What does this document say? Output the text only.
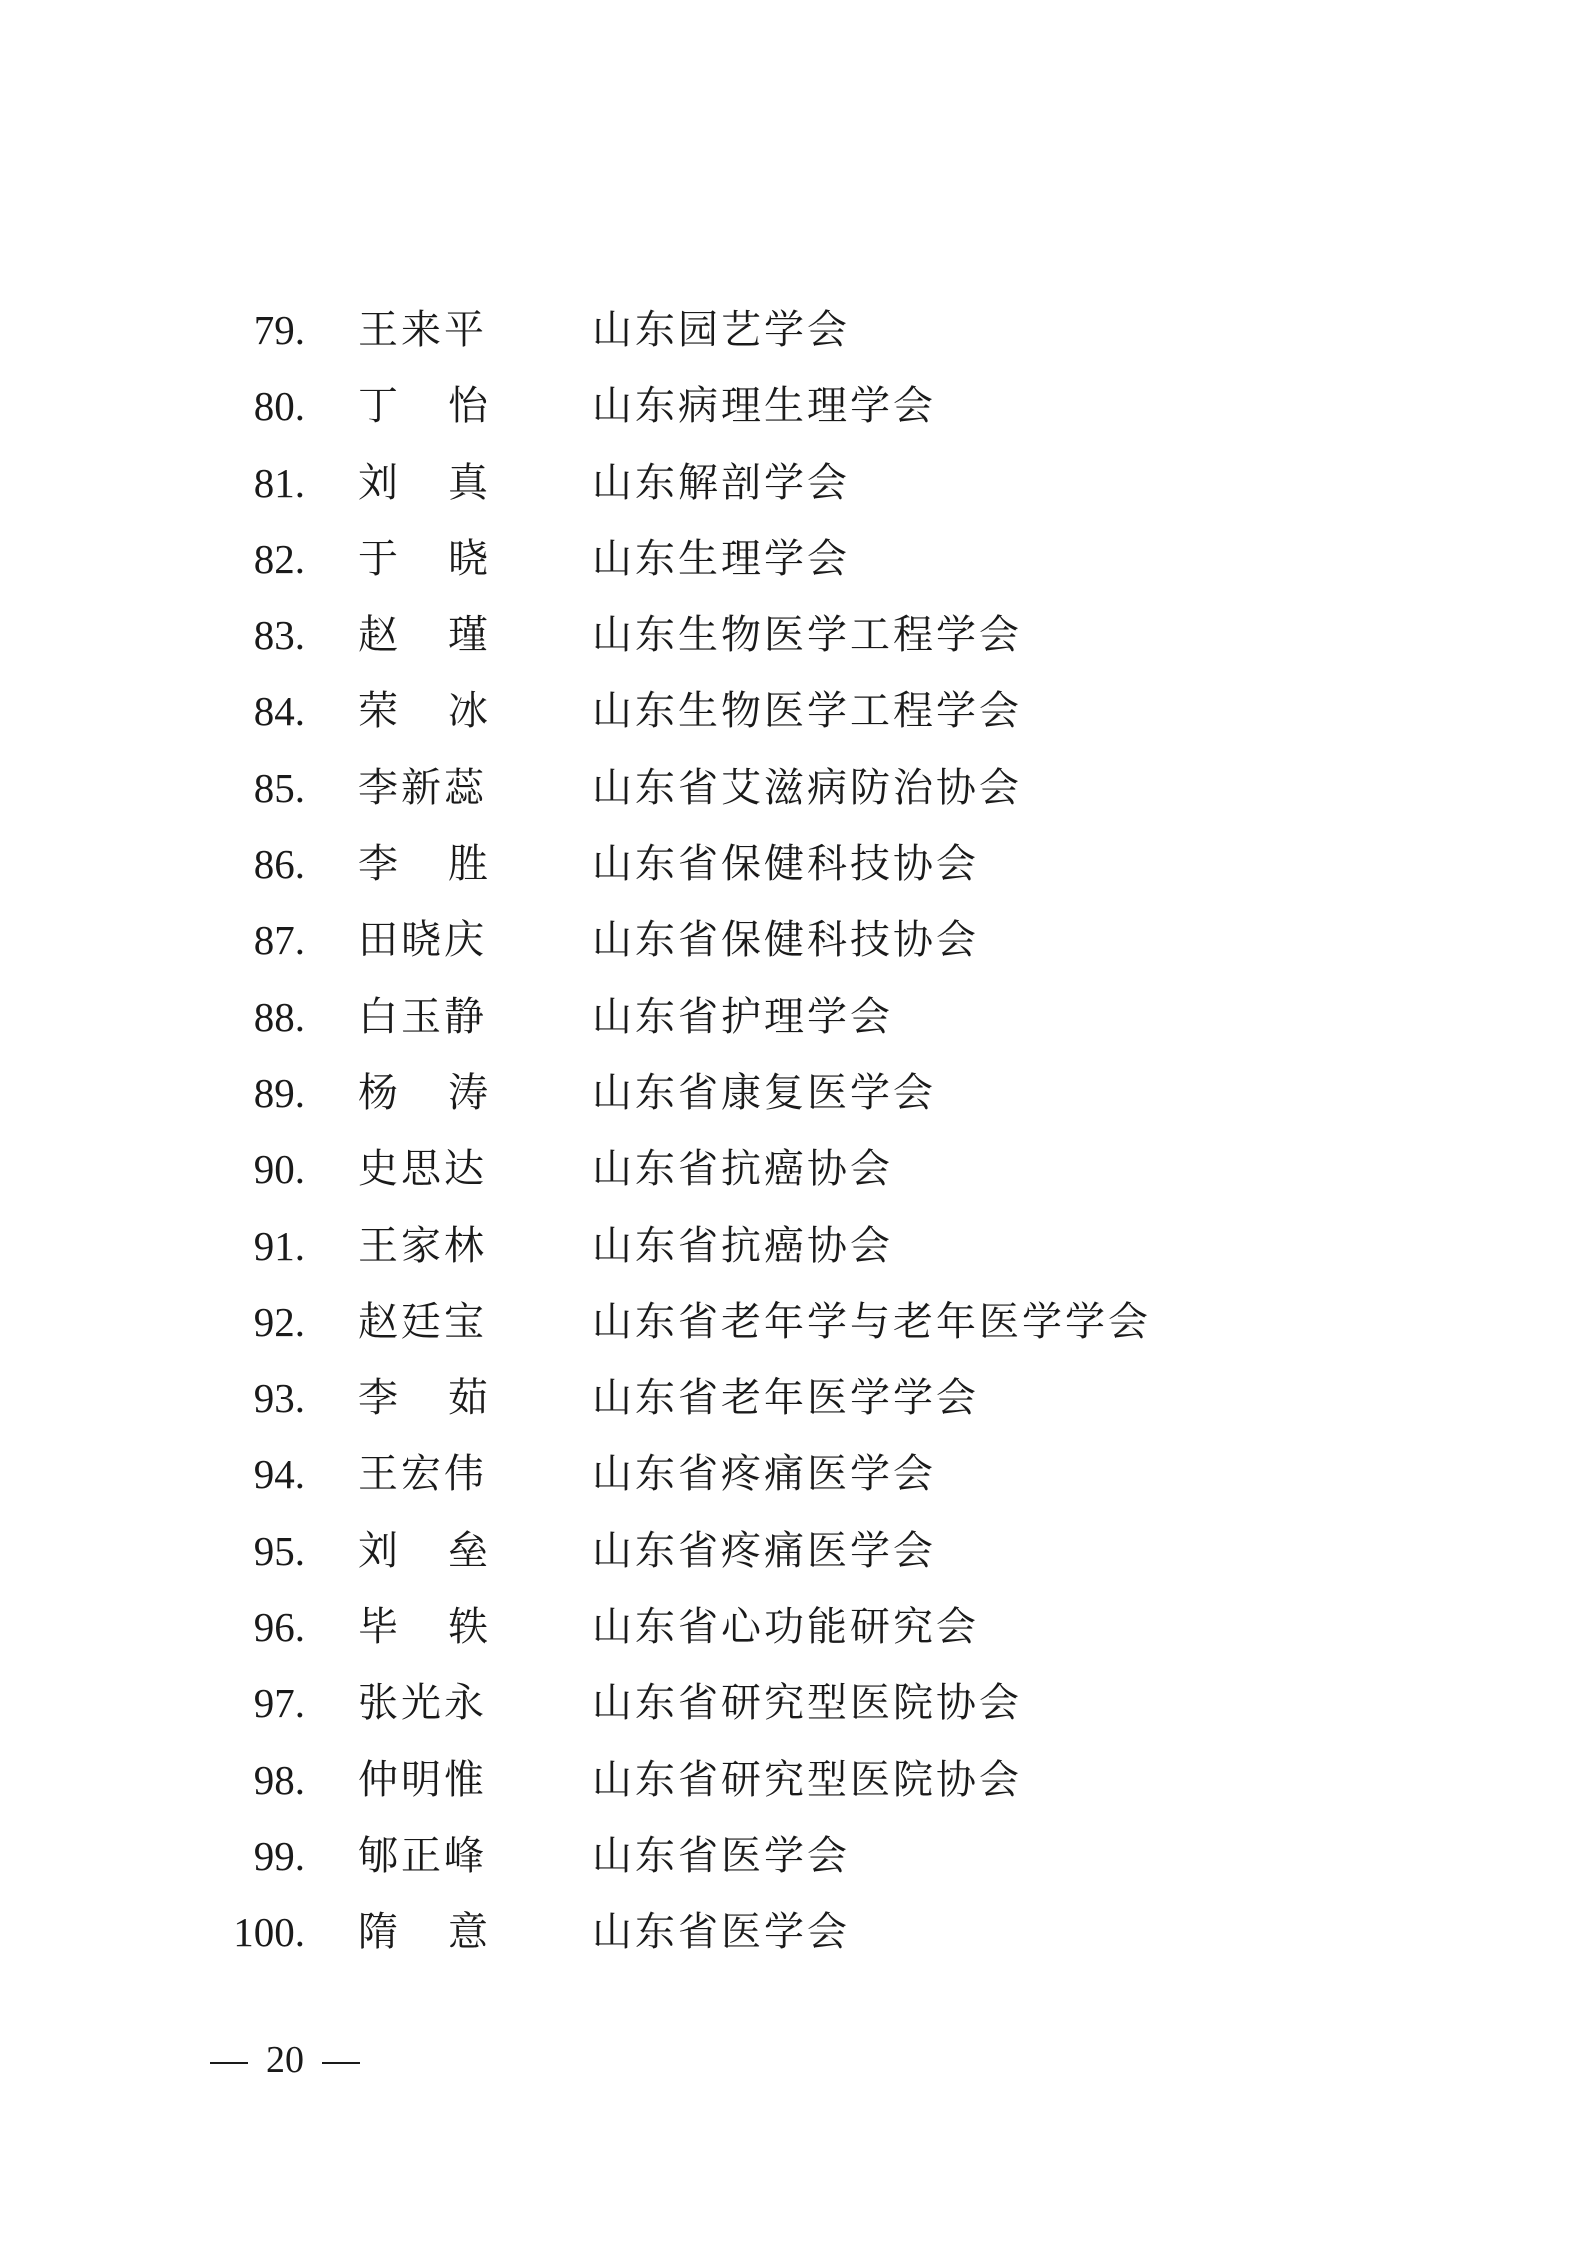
79. 王来平	山东园艺学会
80. 丁 怡	山东病理生理学会
81. 刘 真	山东解剖学会
82. 于 晓	山东生理学会
83. 赵 瑾	山东生物医学工程学会
84. 荣 冰	山东生物医学工程学会
85. 李新蕊	山东省艾滋病防治协会
86. 李 胜	山东省保健科技协会
87. 田晓庆	山东省保健科技协会
88. 白玉静	山东省护理学会
89. 杨 涛	山东省康复医学会
90. 史思达	山东省抗癌协会
91. 王家林	山东省抗癌协会
92. 赵廷宝	山东省老年学与老年医学学会
93. 李 茹	山东省老年医学学会
94. 王宏伟	山东省疼痛医学会
95. 刘 垒	山东省疼痛医学会
96. 毕 轶	山东省心功能研究会
97. 张光永	山东省研究型医院协会
98. 仲明惟	山东省研究型医院协会
99. 郇正峰	山东省医学会
100. 隋 意	山东省医学会
20
